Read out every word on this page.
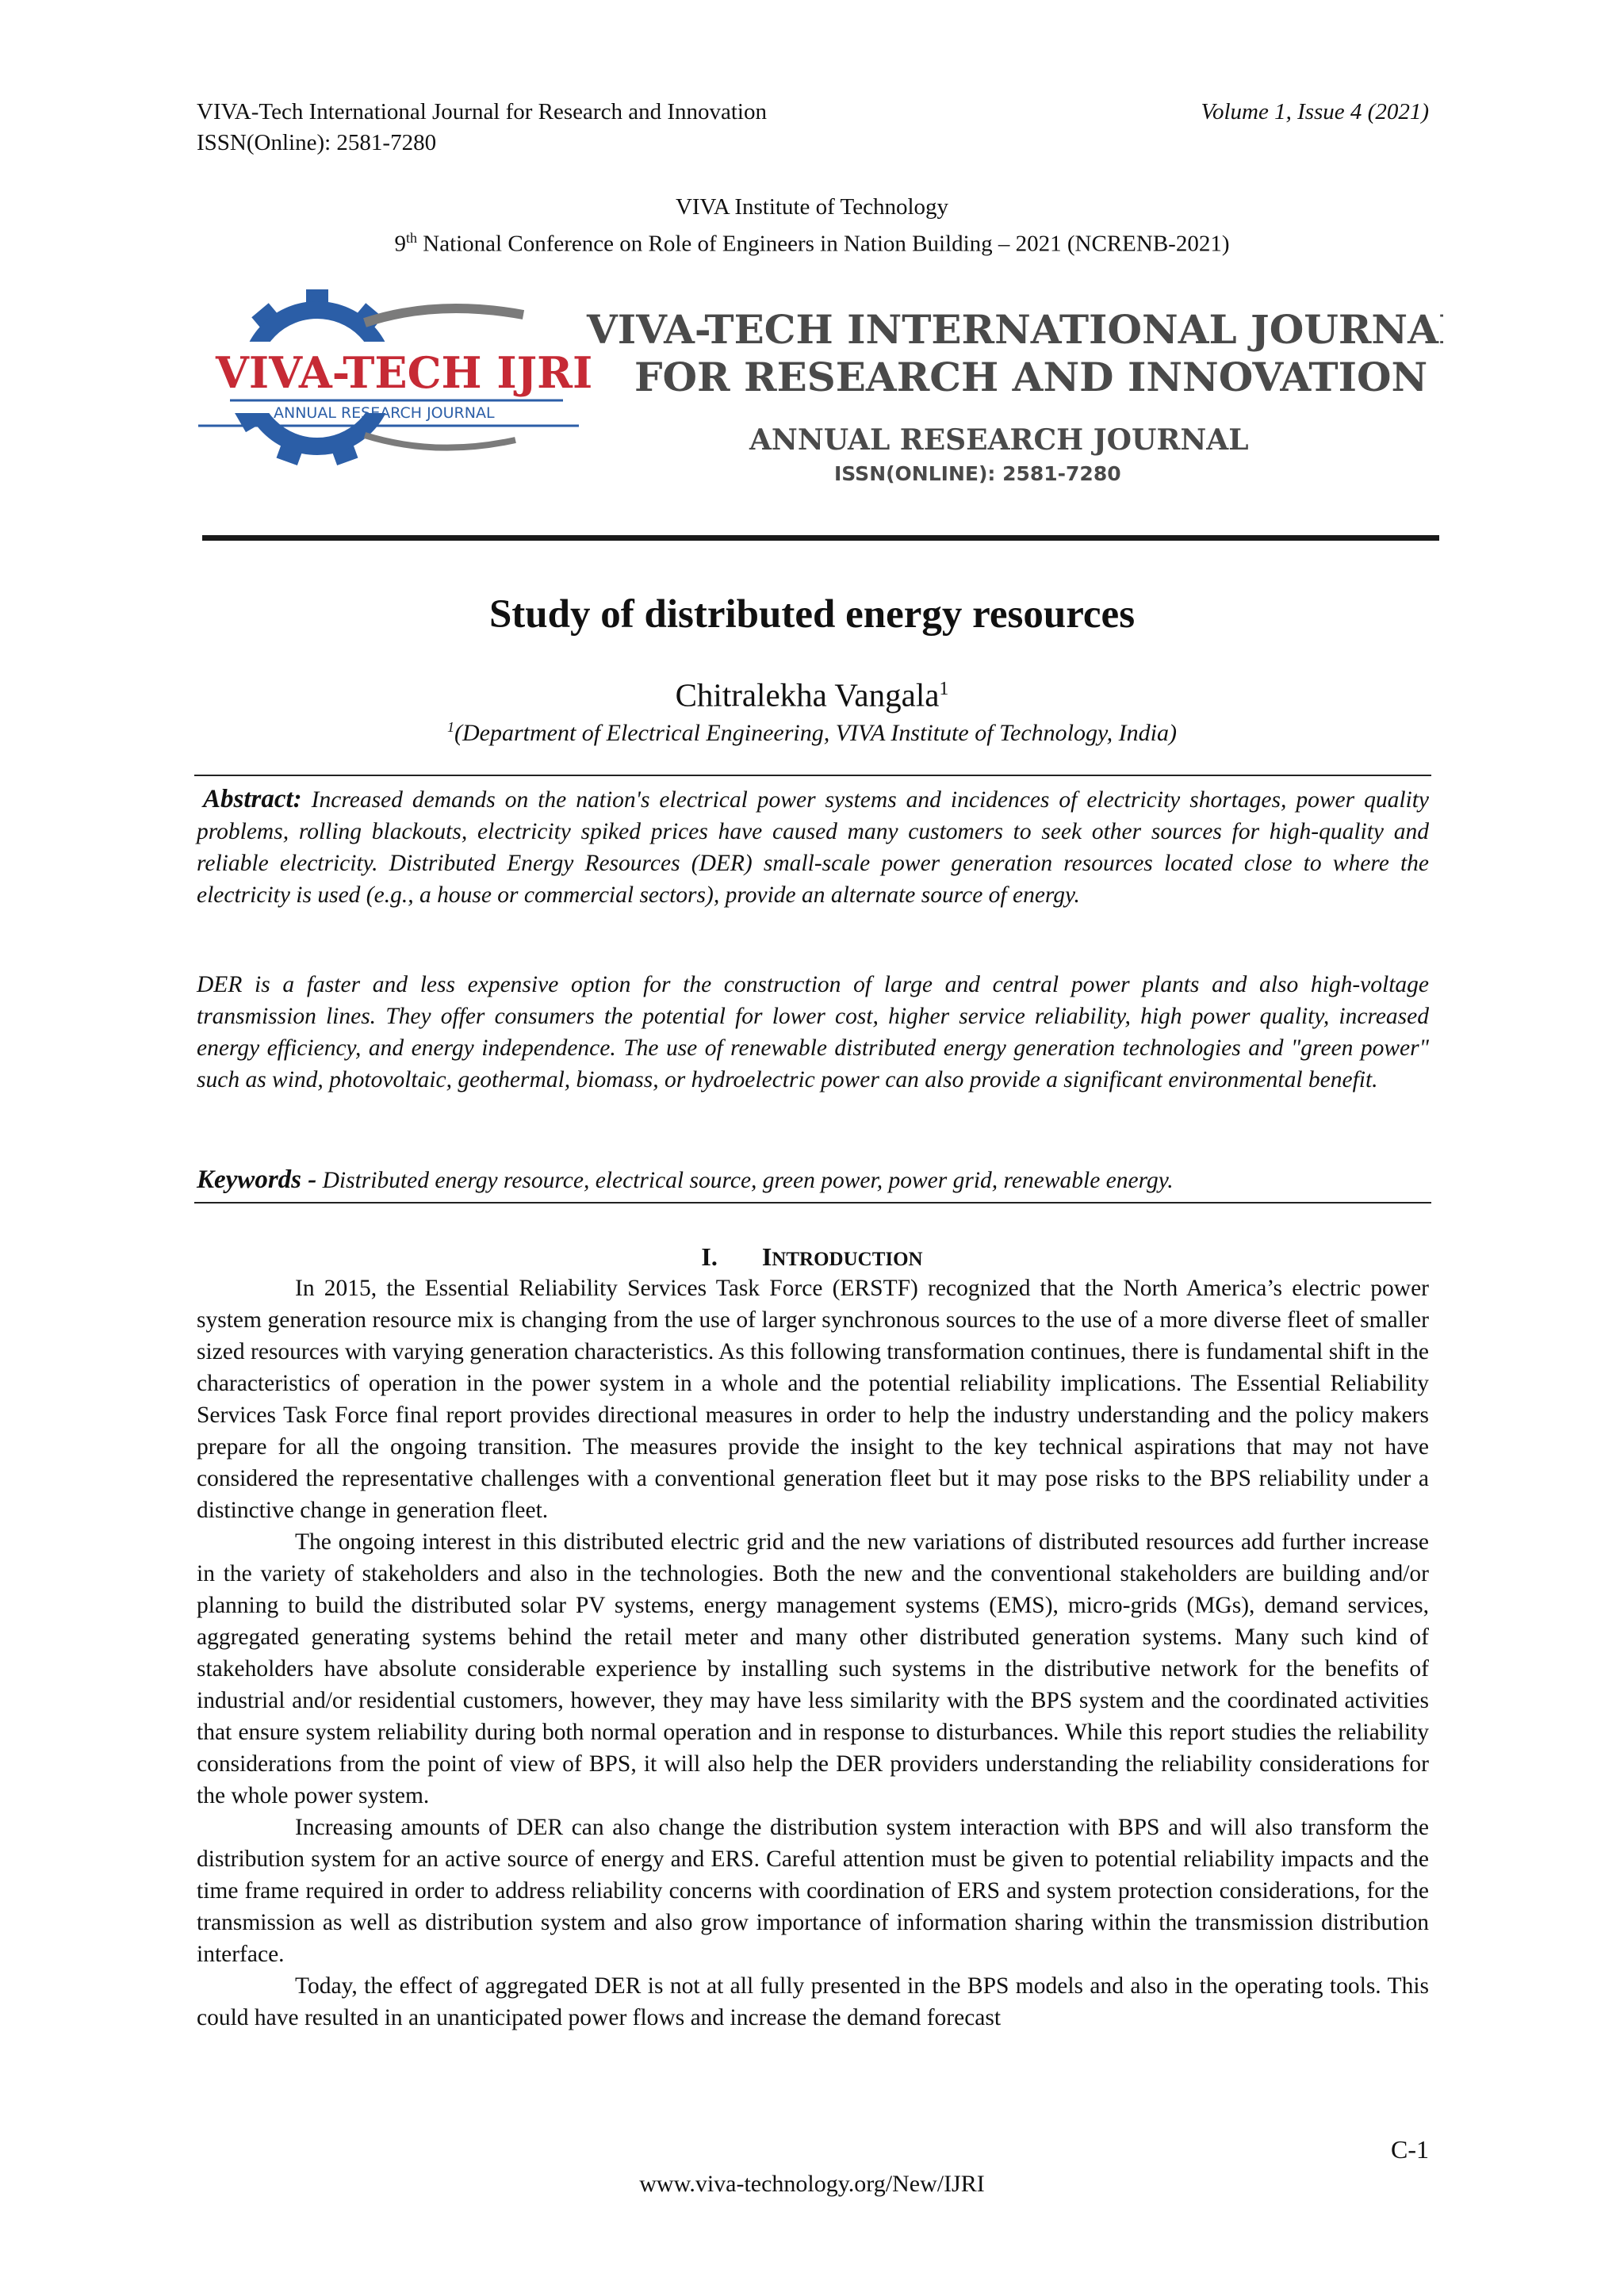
VIVA-Tech International Journal for Research and Innovation
ISSN(Online): 2581-7280
Volume 1, Issue 4 (2021)
VIVA Institute of Technology
9th National Conference on Role of Engineers in Nation Building – 2021 (NCRENB-2021)
VIVA-TECH IJRI
ANNUAL RESEARCH JOURNAL
VIVA-TECH INTERNATIONAL JOURNAL
FOR RESEARCH AND INNOVATION
ANNUAL RESEARCH JOURNAL
ISSN(ONLINE): 2581-7280
Study of distributed energy resources
Chitralekha Vangala$^1$
$^1$(Department of Electrical Engineering, VIVA Institute of Technology, India)
Abstract: Increased demands on the nation's electrical power systems and incidences of electricity shortages, power quality problems, rolling blackouts, electricity spiked prices have caused many customers to seek other sources for high-quality and reliable electricity. Distributed Energy Resources (DER) small-scale power generation resources located close to where the electricity is used (e.g., a house or commercial sectors), provide an alternate source of energy.
DER is a faster and less expensive option for the construction of large and central power plants and also high-voltage transmission lines. They offer consumers the potential for lower cost, higher service reliability, high power quality, increased energy efficiency, and energy independence. The use of renewable distributed energy generation technologies and "green power" such as wind, photovoltaic, geothermal, biomass, or hydroelectric power can also provide a significant environmental benefit.
Keywords - Distributed energy resource, electrical source, green power, power grid, renewable energy.
I. INTRODUCTION

In 2015, the Essential Reliability Services Task Force (ERSTF) recognized that the North America’s electric power system generation resource mix is changing from the use of larger synchronous sources to the use of a more diverse fleet of smaller sized resources with varying generation characteristics. As this following transformation continues, there is fundamental shift in the characteristics of operation in the power system in a whole and the potential reliability implications. The Essential Reliability Services Task Force final report provides directional measures in order to help the industry understanding and the policy makers prepare for all the ongoing transition. The measures provide the insight to the key technical aspirations that may not have considered the representative challenges with a conventional generation fleet but it may pose risks to the BPS reliability under a distinctive change in generation fleet.

The ongoing interest in this distributed electric grid and the new variations of distributed resources add further increase in the variety of stakeholders and also in the technologies. Both the new and the conventional stakeholders are building and/or planning to build the distributed solar PV systems, energy management systems (EMS), micro-grids (MGs), demand services, aggregated generating systems behind the retail meter and many other distributed generation systems. Many such kind of stakeholders have absolute considerable experience by installing such systems in the distributive network for the benefits of industrial and/or residential customers, however, they may have less similarity with the BPS system and the coordinated activities that ensure system reliability during both normal operation and in response to disturbances. While this report studies the reliability considerations from the point of view of BPS, it will also help the DER providers understanding the reliability considerations for the whole power system.

Increasing amounts of DER can also change the distribution system interaction with BPS and will also transform the distribution system for an active source of energy and ERS. Careful attention must be given to potential reliability impacts and the time frame required in order to address reliability concerns with coordination of ERS and system protection considerations, for the transmission as well as distribution system and also grow importance of information sharing within the transmission distribution interface.

Today, the effect of aggregated DER is not at all fully presented in the BPS models and also in the operating tools. This could have resulted in an unanticipated power flows and increase the demand forecast

C-1
www.viva-technology.org/New/IJRI
